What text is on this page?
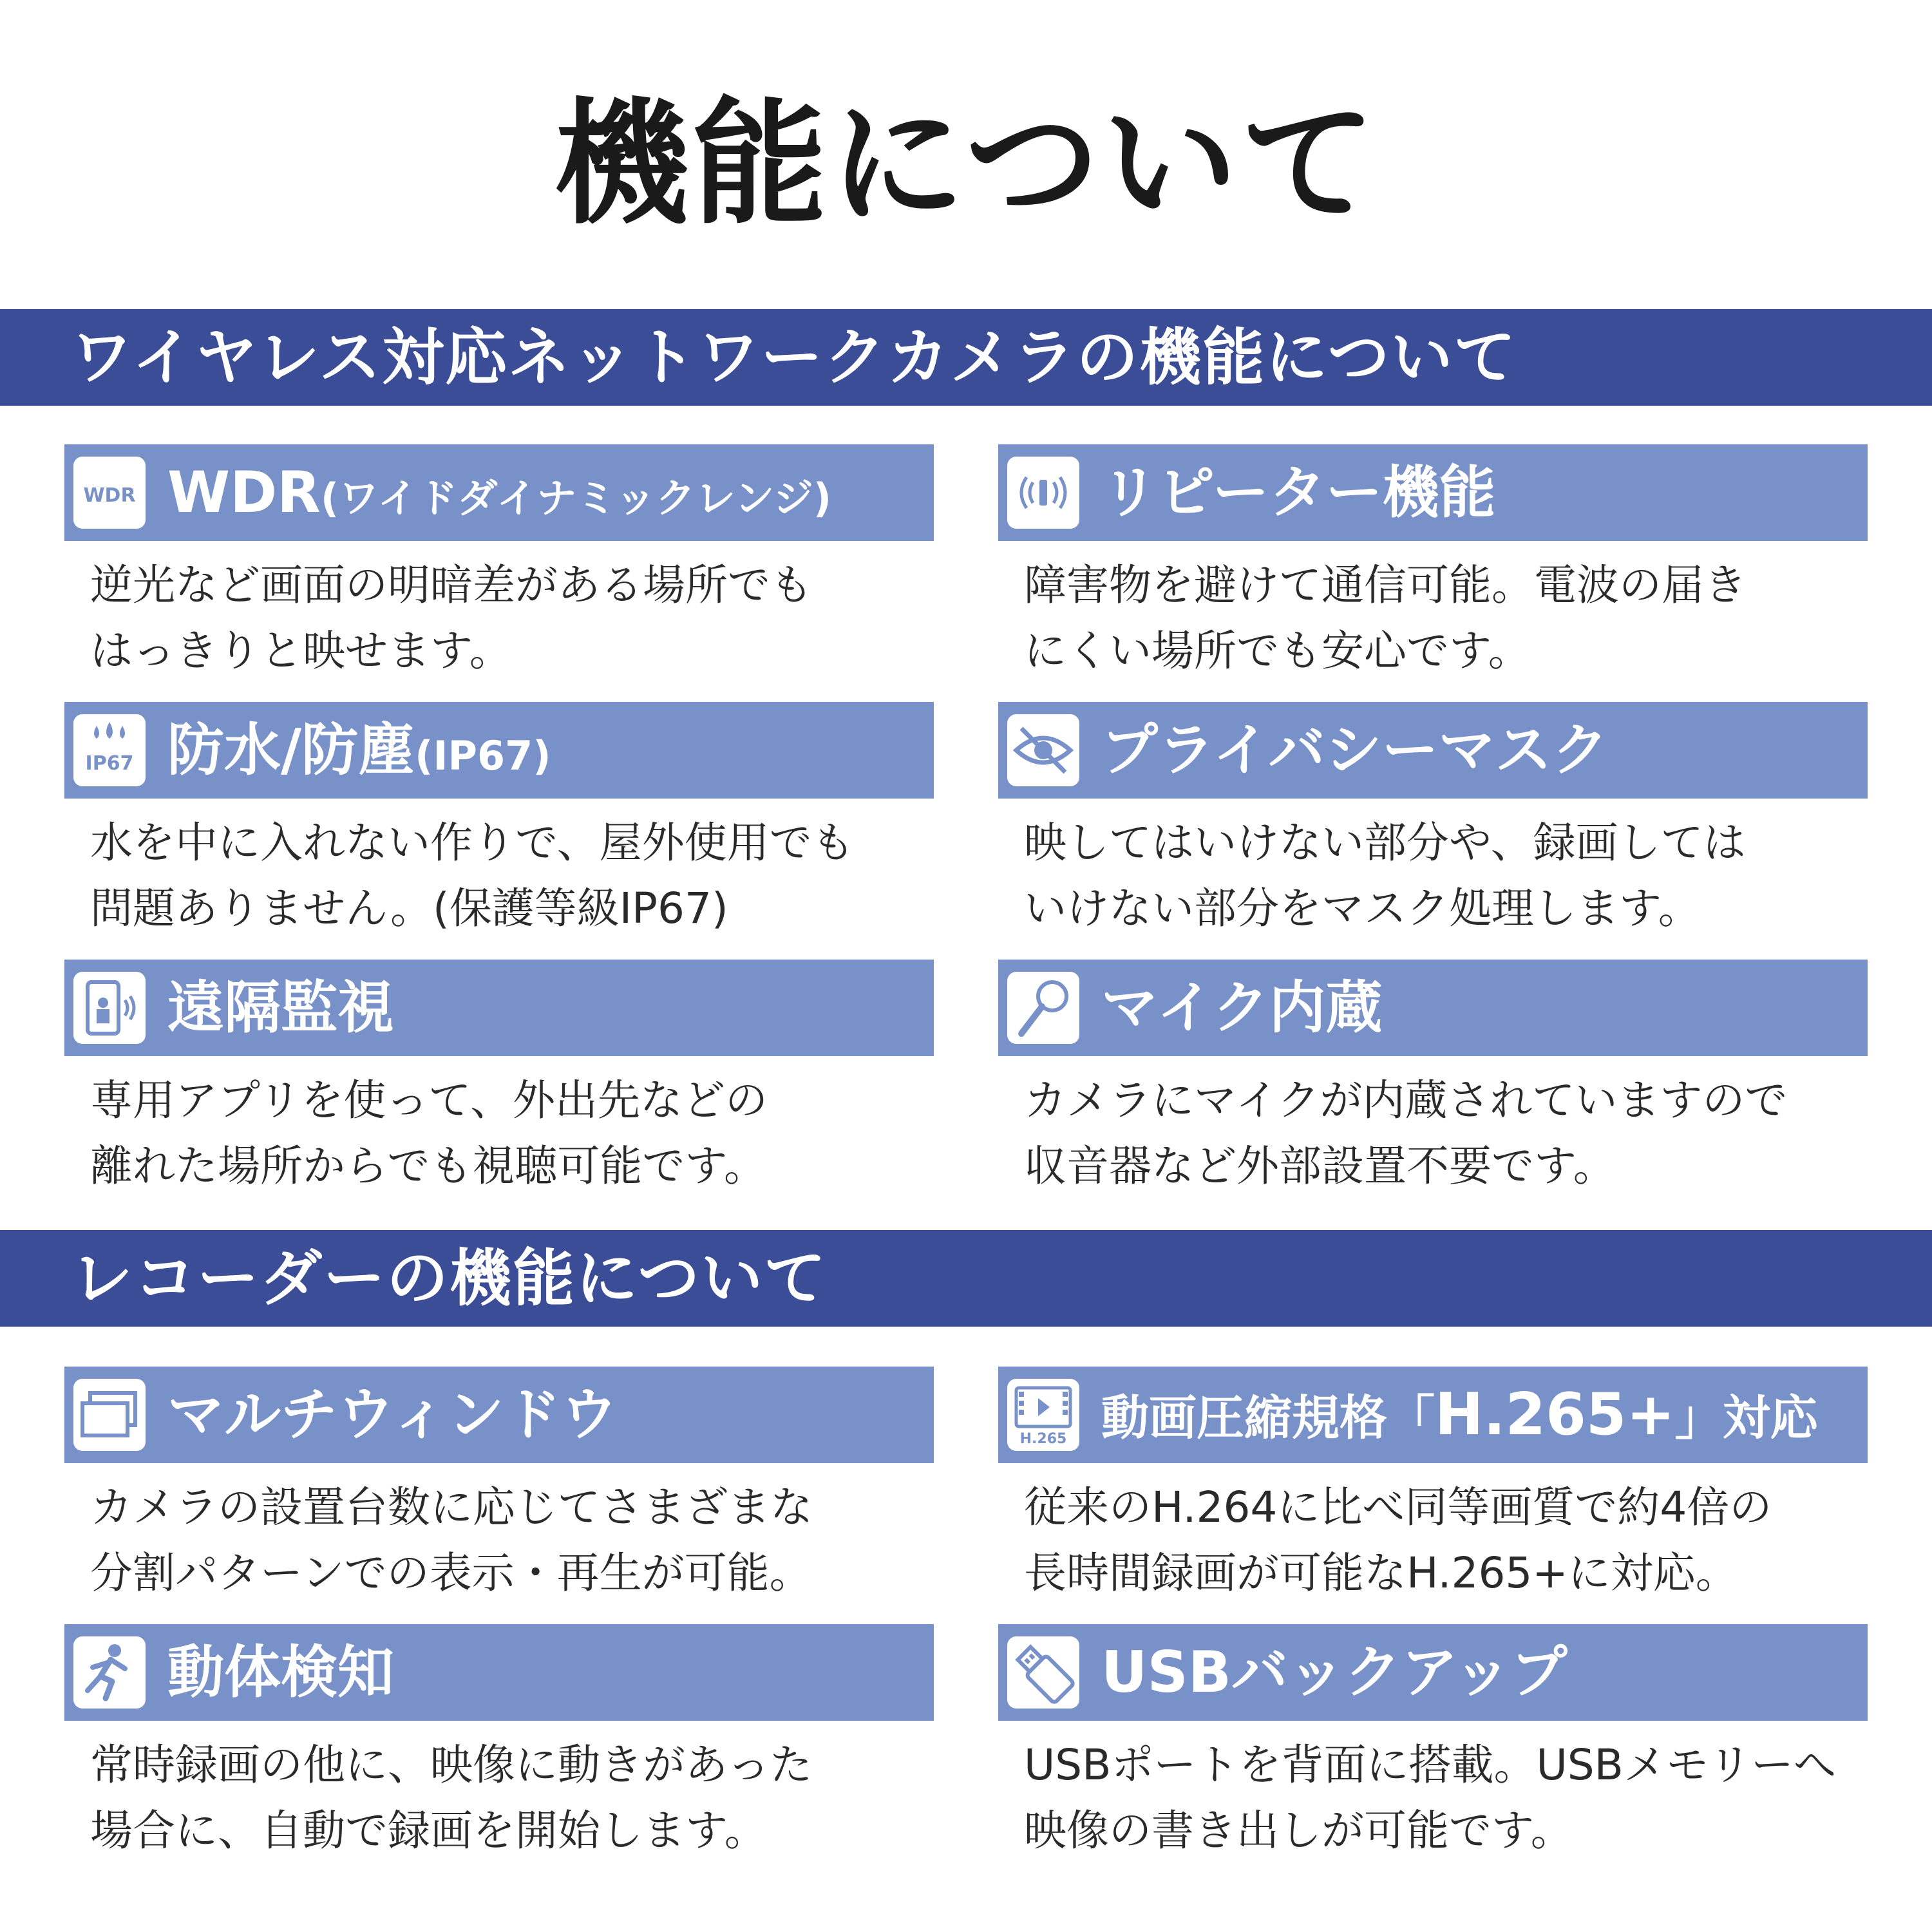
機能について
ワイヤレス対応ネットワークカメラの機能について
WDR WDR(ワイドダイナミックレンジ)
逆光など画面の明暗差がある場所でも
はっきりと映せます。
リピーター機能
障害物を避けて通信可能。電波の届き
にくい場所でも安心です。
IP67 防水/防塵(IP67)
水を中に入れない作りで、屋外使用でも
問題ありません。(保護等級IP67)
プライバシーマスク
映してはいけない部分や、録画しては
いけない部分をマスク処理します。
遠隔監視
専用アプリを使って、外出先などの
離れた場所からでも視聴可能です。
マイク内蔵
カメラにマイクが内蔵されていますので
収音器など外部設置不要です。
レコーダーの機能について
マルチウィンドウ
カメラの設置台数に応じてさまざまな
分割パターンでの表示・再生が可能。
H.265 動画圧縮規格「H.265+」対応
従来のH.264に比べ同等画質で約4倍の
長時間録画が可能なH.265+に対応。
動体検知
常時録画の他に、映像に動きがあった
場合に、自動で録画を開始します。
USBバックアップ
USBポートを背面に搭載。USBメモリーへ
映像の書き出しが可能です。
